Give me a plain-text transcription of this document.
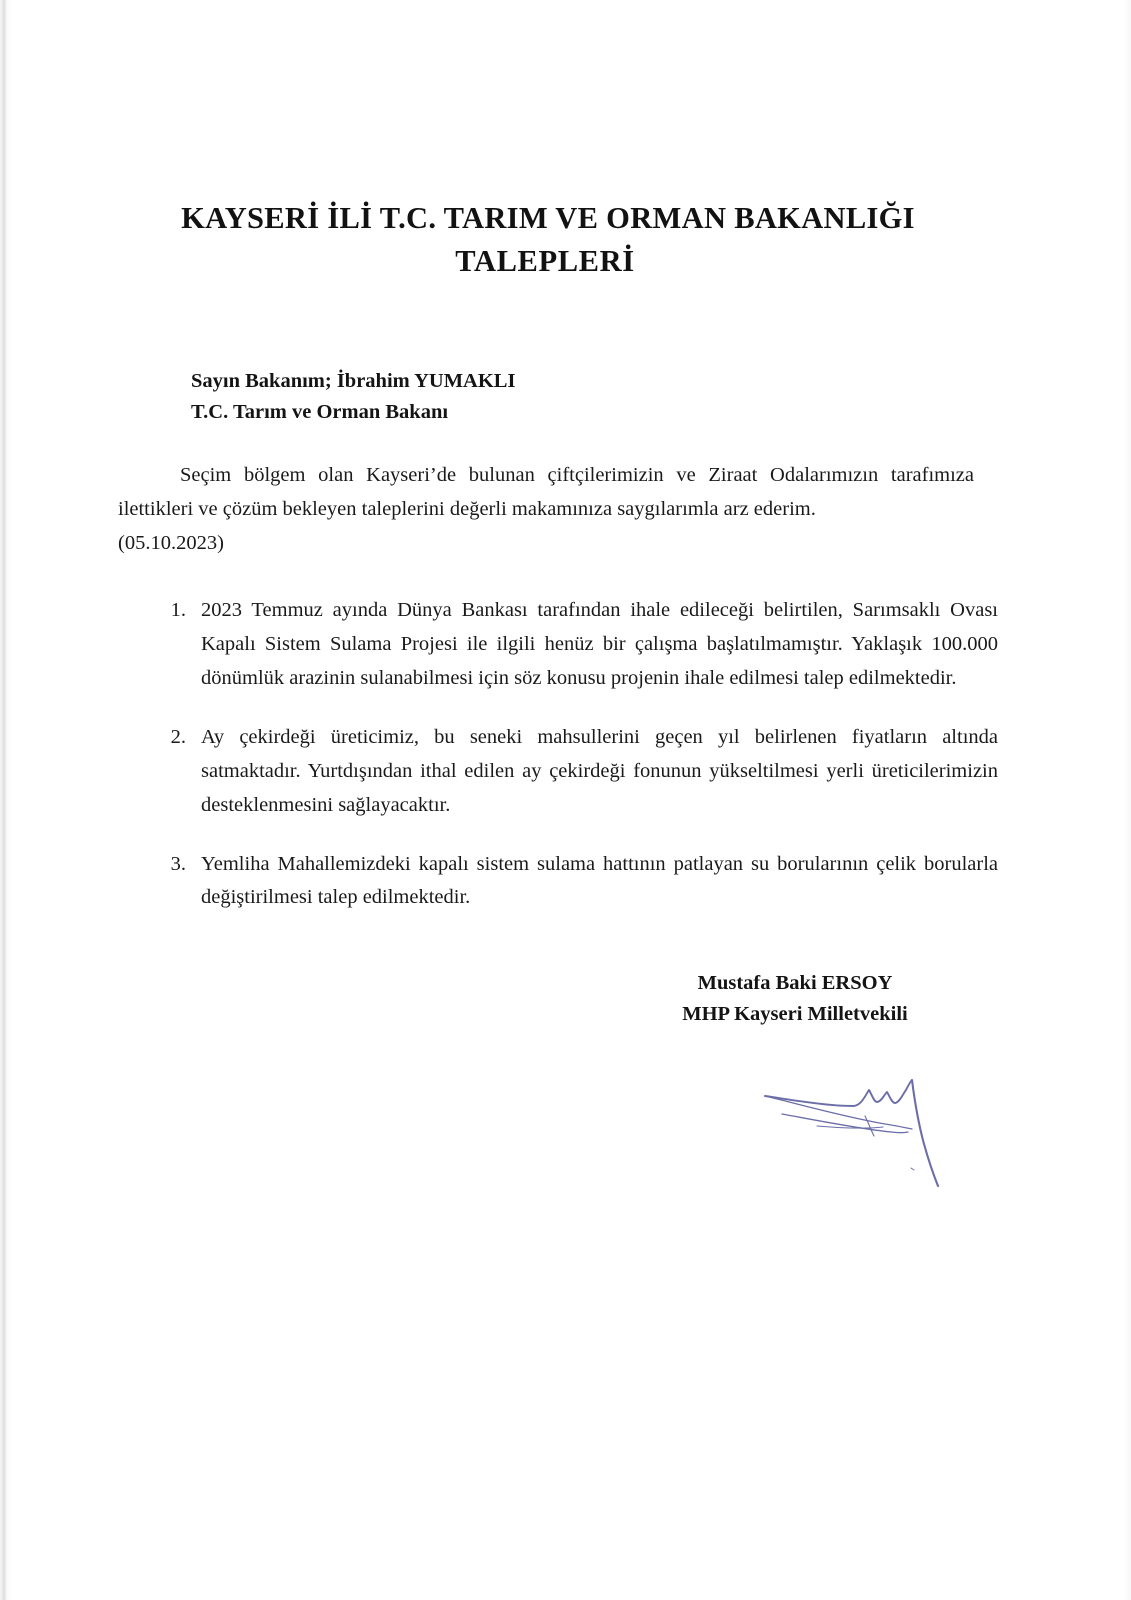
KAYSERİ İLİ T.C. TARIM VE ORMAN BAKANLIĞI
TALEPLERİ
Sayın Bakanım; İbrahim YUMAKLI
T.C. Tarım ve Orman Bakanı
Seçim bölgem olan Kayseri’de bulunan çiftçilerimizin ve Ziraat Odalarımızın tarafımıza ilettikleri ve çözüm bekleyen taleplerini değerli makamınıza saygılarımla arz ederim.
(05.10.2023)
1. 2023 Temmuz ayında Dünya Bankası tarafından ihale edileceği belirtilen, Sarımsaklı Ovası Kapalı Sistem Sulama Projesi ile ilgili henüz bir çalışma başlatılmamıştır. Yaklaşık 100.000 dönümlük arazinin sulanabilmesi için söz konusu projenin ihale edilmesi talep edilmektedir.
2. Ay çekirdeği üreticimiz, bu seneki mahsullerini geçen yıl belirlenen fiyatların altında satmaktadır. Yurtdışından ithal edilen ay çekirdeği fonunun yükseltilmesi yerli üreticilerimizin desteklenmesini sağlayacaktır.
3. Yemliha Mahallemizdeki kapalı sistem sulama hattının patlayan su borularının çelik borularla değiştirilmesi talep edilmektedir.
Mustafa Baki ERSOY
MHP Kayseri Milletvekili
